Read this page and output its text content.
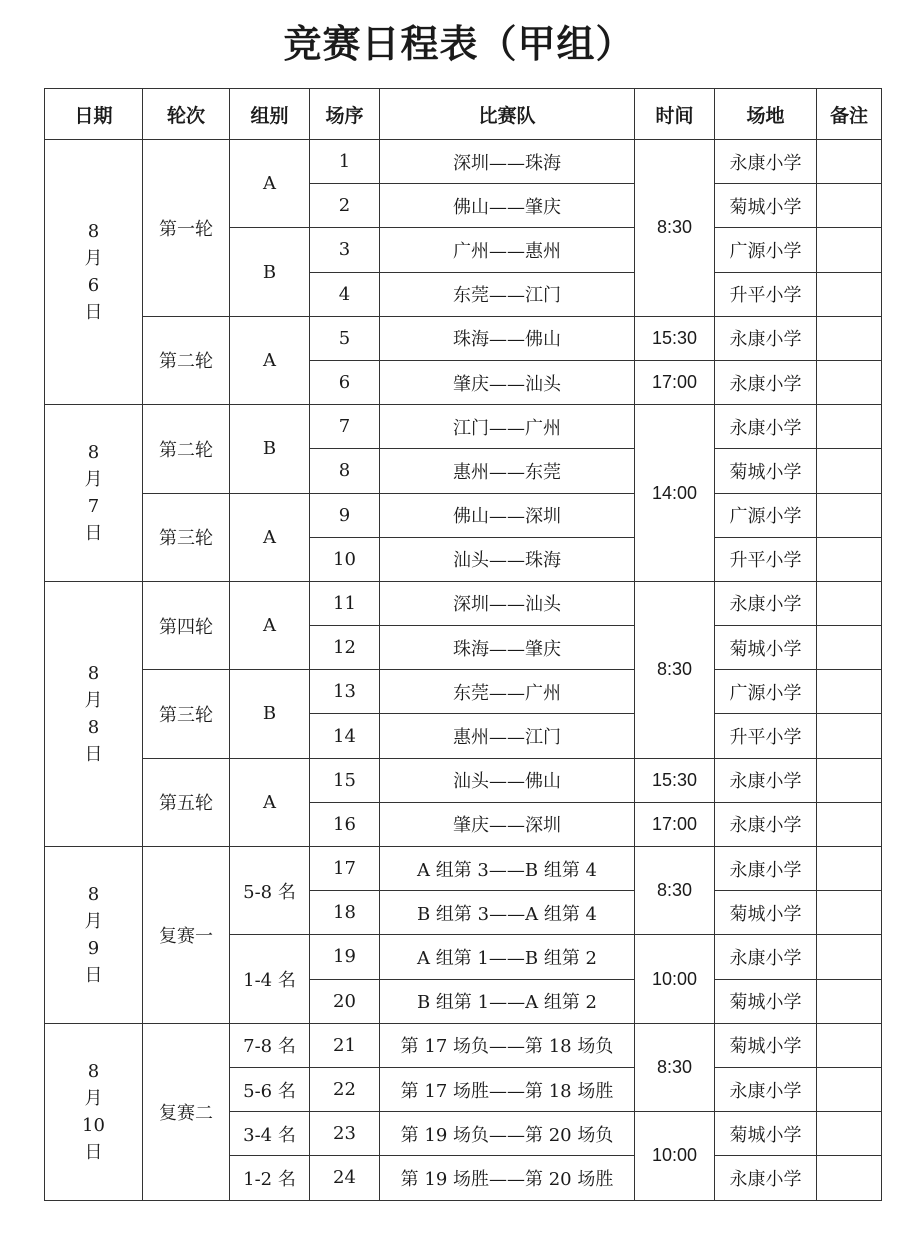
竞赛日程表（甲组）
日期	轮次	组别	场序	比赛队	时间	场地	备注

8
月
6
日	第一轮	A	1	深圳——珠海	8:30	永康小学	
			2	佛山——肇庆		菊城小学	
		B	3	广州——惠州		广源小学	
			4	东莞——江门		升平小学	
	第二轮	A	5	珠海——佛山	15:30	永康小学	
			6	肇庆——汕头	17:00	永康小学	

8
月
7
日	第二轮	B	7	江门——广州	14:00	永康小学	
			8	惠州——东莞		菊城小学	
	第三轮	A	9	佛山——深圳		广源小学	
			10	汕头——珠海		升平小学	

8
月
8
日	第四轮	A	11	深圳——汕头	8:30	永康小学	
			12	珠海——肇庆		菊城小学	
	第三轮	B	13	东莞——广州		广源小学	
			14	惠州——江门		升平小学	
	第五轮	A	15	汕头——佛山	15:30	永康小学	
			16	肇庆——深圳	17:00	永康小学	

8
月
9
日	复赛一	5-8 名	17	A 组第 3——B 组第 4	8:30	永康小学	
			18	B 组第 3——A 组第 4		菊城小学	
		1-4 名	19	A 组第 1——B 组第 2	10:00	永康小学	
			20	B 组第 1——A 组第 2		菊城小学	

8
月
10
日	复赛二	7-8 名	21	第 17 场负——第 18 场负	8:30	菊城小学	
		5-6 名	22	第 17 场胜——第 18 场胜		永康小学	
		3-4 名	23	第 19 场负——第 20 场负	10:00	菊城小学	
		1-2 名	24	第 19 场胜——第 20 场胜		永康小学	
